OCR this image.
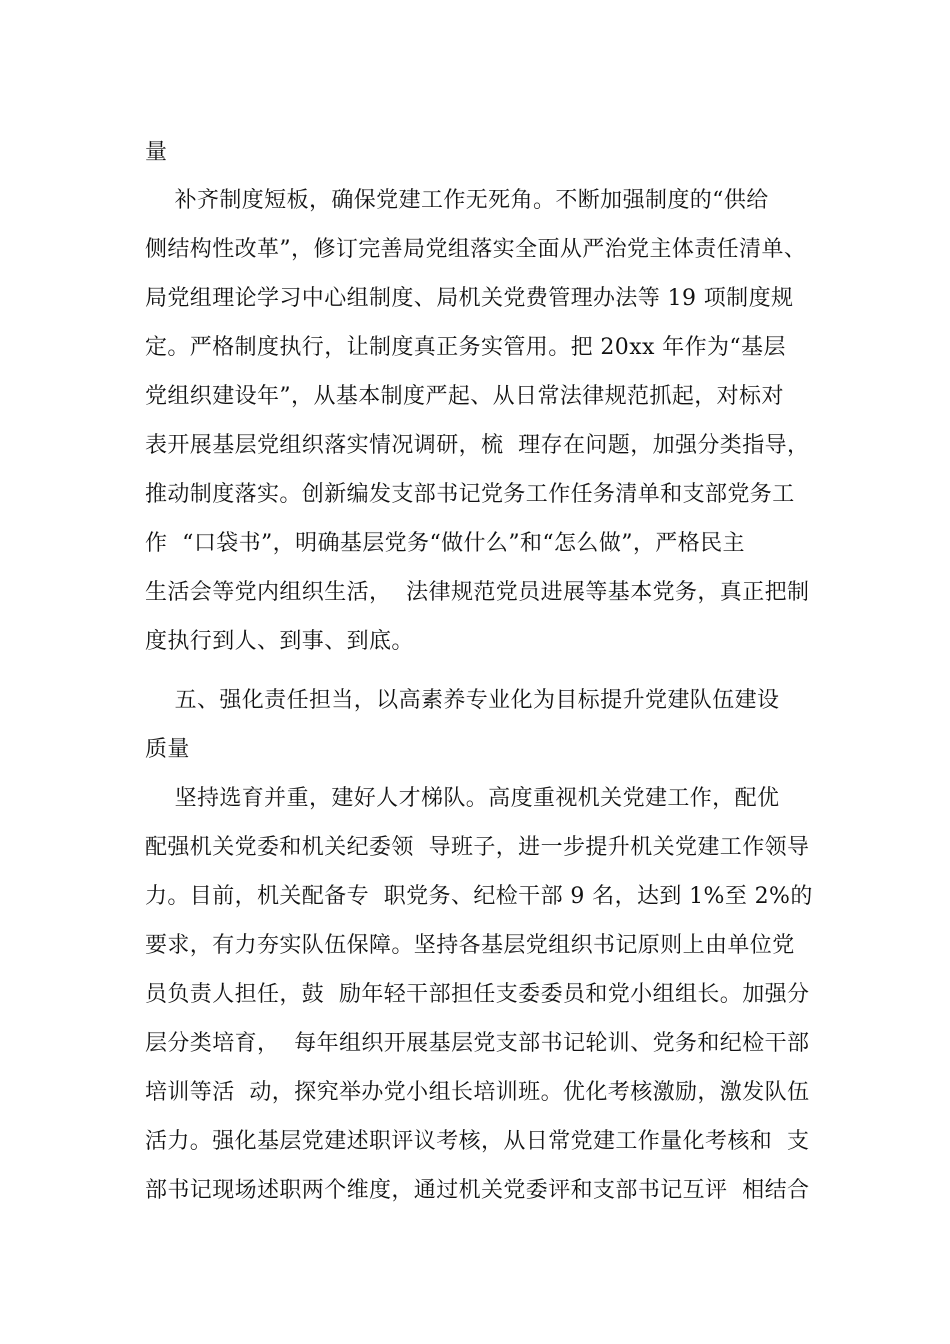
量
补齐制度短板，确保党建工作无死角。不断加强制度的“供给
侧结构性改革”，修订完善局党组落实全面从严治党主体责任清单、
局党组理论学习中心组制度、局机关党费管理办法等 19 项制度规
定。严格制度执行，让制度真正务实管用。把 20xx 年作为“基层
党组织建设年”，从基本制度严起、从日常法律规范抓起，对标对
表开展基层党组织落实情况调研，梳  理存在问题，加强分类指导，
推动制度落实。创新编发支部书记党务工作任务清单和支部党务工
作  “口袋书”，明确基层党务“做什么”和“怎么做”，严格民主
生活会等党内组织生活，  法律规范党员进展等基本党务，真正把制
度执行到人、到事、到底。
五、强化责任担当，以高素养专业化为目标提升党建队伍建设
质量
坚持选育并重，建好人才梯队。高度重视机关党建工作，配优
配强机关党委和机关纪委领  导班子，进一步提升机关党建工作领导
力。目前，机关配备专  职党务、纪检干部 9 名，达到 1%至 2%的
要求，有力夯实队伍保障。坚持各基层党组织书记原则上由单位党
员负责人担任，鼓  励年轻干部担任支委委员和党小组组长。加强分
层分类培育，  每年组织开展基层党支部书记轮训、党务和纪检干部
培训等活  动，探究举办党小组长培训班。优化考核激励，激发队伍
活力。强化基层党建述职评议考核，从日常党建工作量化考核和  支
部书记现场述职两个维度，通过机关党委评和支部书记互评  相结合
